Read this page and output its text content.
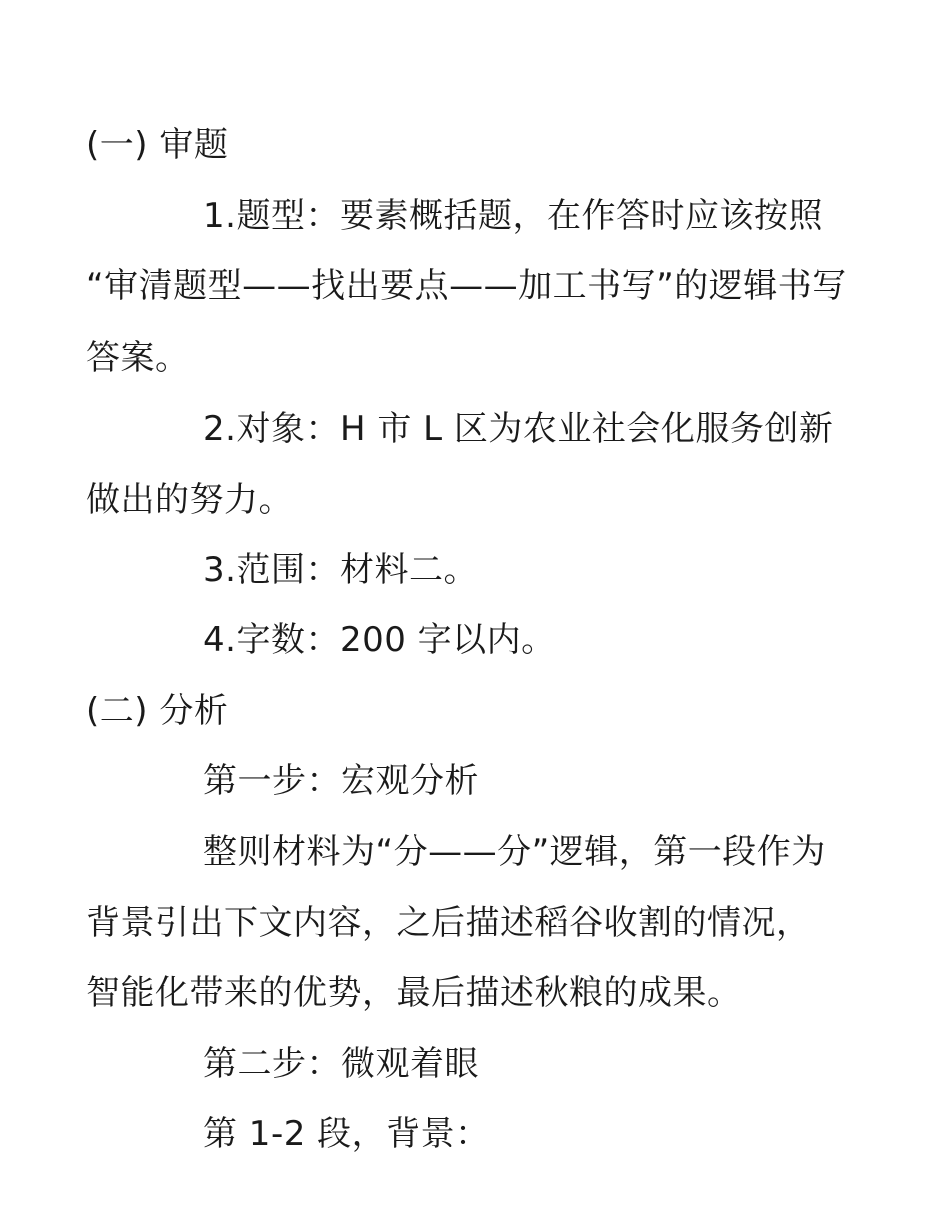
(一) 审题
1.题型：要素概括题，在作答时应该按照
“审清题型——找出要点——加工书写”的逻辑书写
答案。
2.对象：H 市 L 区为农业社会化服务创新
做出的努力。
3.范围：材料二。
4.字数：200 字以内。
(二) 分析
第一步：宏观分析
整则材料为“分——分”逻辑，第一段作为
背景引出下文内容，之后描述稻谷收割的情况，
智能化带来的优势，最后描述秋粮的成果。
第二步：微观着眼
第 1-2 段，背景：
